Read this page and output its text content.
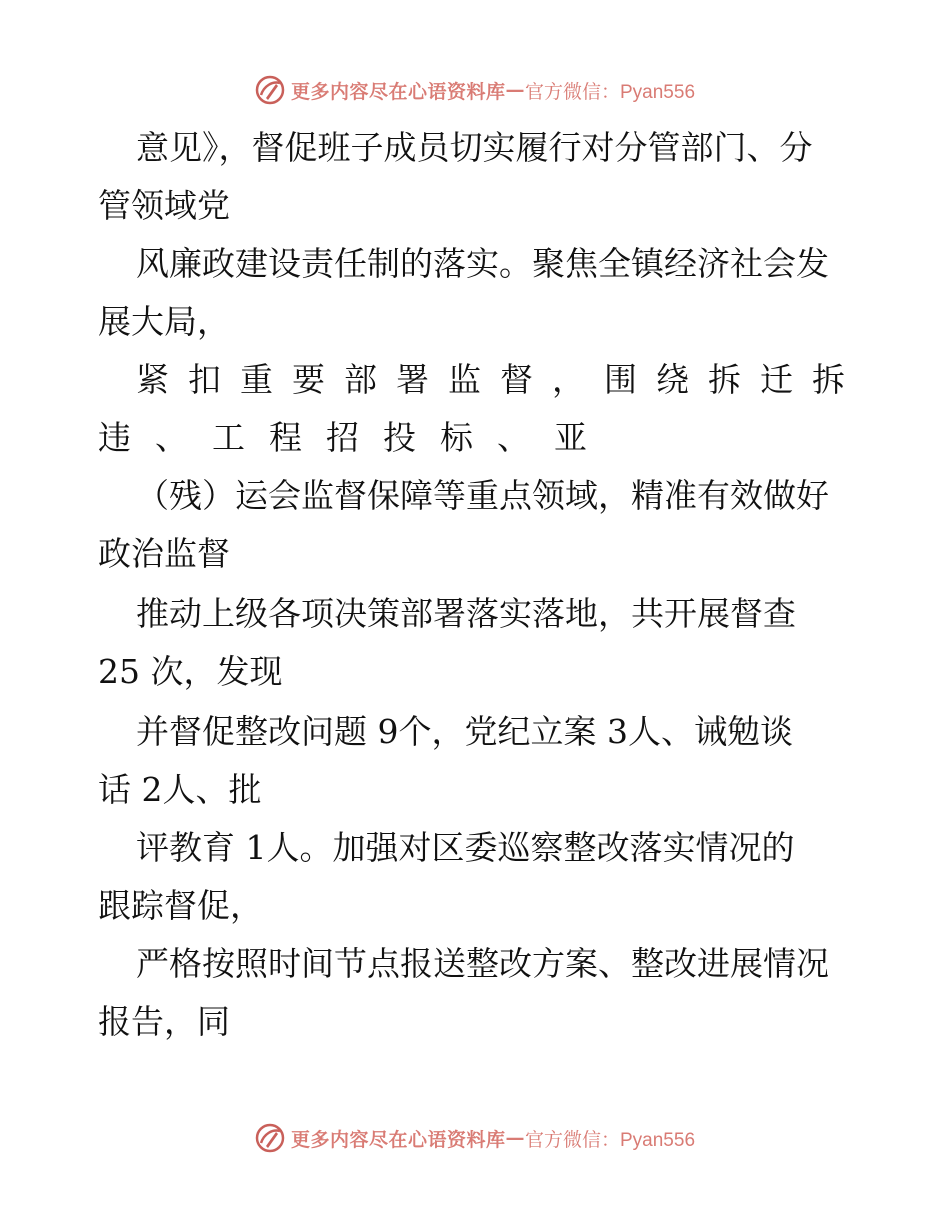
更多内容尽在心语资料库 — 官方微信：Pyan556
意见》，督促班子成员切实履行对分管部门、分
管领域党
风廉政建设责任制的落实。聚焦全镇经济社会发
展大局，
紧扣重要部署监督，围绕拆迁拆
违、工程招投标、亚
（残）运会监督保障等重点领域，精准有效做好
政治监督
推动上级各项决策部署落实落地，共开展督查
25 次，发现
并督促整改问题 9个，党纪立案 3人、诫勉谈
话 2人、批
评教育 1人。加强对区委巡察整改落实情况的
跟踪督促，
严格按照时间节点报送整改方案、整改进展情况
报告，同
更多内容尽在心语资料库 — 官方微信：Pyan556
